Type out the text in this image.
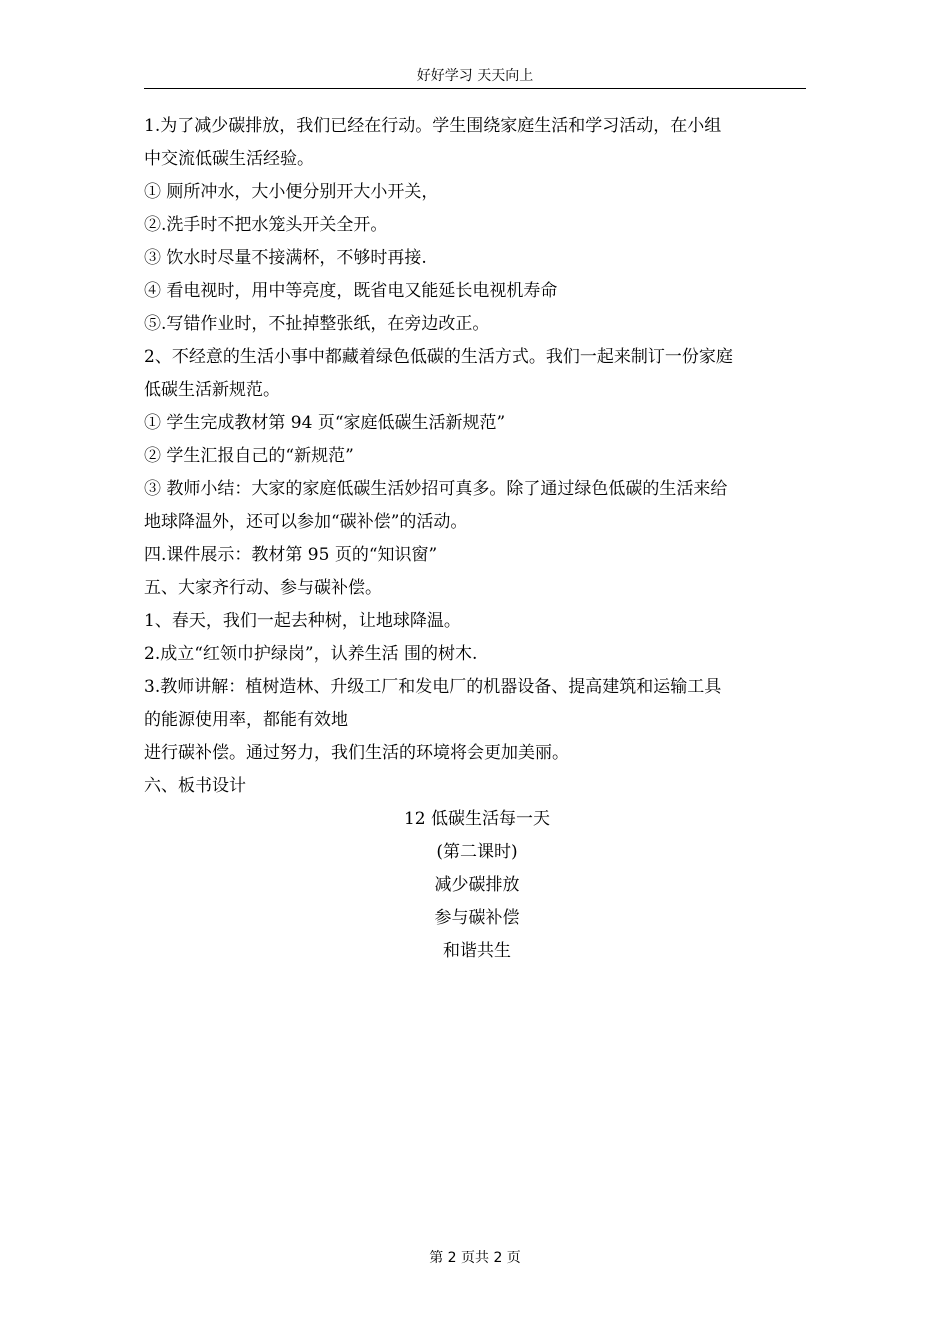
好好学习 天天向上

1.为了减少碳排放，我们已经在行动。学生围绕家庭生活和学习活动，在小组

中交流低碳生活经验。

① 厕所冲水，大小便分别开大小开关，

②.洗手时不把水笼头开关全开。

③ 饮水时尽量不接满杯，不够时再接.

④ 看电视时，用中等亮度，既省电又能延长电视机寿命

⑤.写错作业时，不扯掉整张纸，在旁边改正。

2、不经意的生活小事中都藏着绿色低碳的生活方式。我们一起来制订一份家庭

低碳生活新规范。

① 学生完成教材第 94 页“家庭低碳生活新规范”

② 学生汇报自己的“新规范”

③ 教师小结：大家的家庭低碳生活妙招可真多。除了通过绿色低碳的生活来给

地球降温外，还可以参加“碳补偿”的活动。

四.课件展示：教材第 95 页的“知识窗”

五、大家齐行动、参与碳补偿。

1、春天，我们一起去种树，让地球降温。

2.成立“红领巾护绿岗”，认养生活 围的树木.

3.教师讲解：植树造林、升级工厂和发电厂的机器设备、提高建筑和运输工具

的能源使用率，都能有效地

进行碳补偿。通过努力，我们生活的环境将会更加美丽。

六、板书设计

12 低碳生活每一天

(第二课时)

减少碳排放

参与碳补偿

和谐共生

第 2 页共 2 页
